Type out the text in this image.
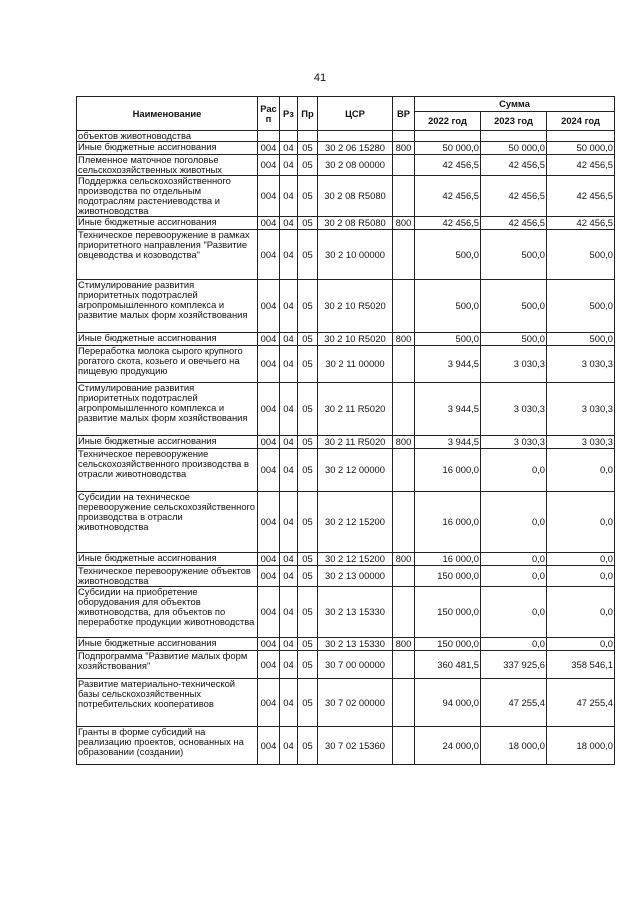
41
Наименование	Рас п	Рз	Пр	ЦСР	ВР	Сумма		
						2022 год	2023 год	2024 год
объектов животноводства								
Иные бюджетные ассигнования	004	04	05	30 2 06 15280	800	50 000,0	50 000,0	50 000,0
Племенное маточное поголовье сельскохозяйственных животных	004	04	05	30 2 08 00000		42 456,5	42 456,5	42 456,5
Поддержка сельскохозяйственного производства по отдельным подотраслям растениеводства и животноводства	004	04	05	30 2 08 R5080		42 456,5	42 456,5	42 456,5
Иные бюджетные ассигнования	004	04	05	30 2 08 R5080	800	42 456,5	42 456,5	42 456,5
Техническое перевооружение в рамках приоритетного направления "Развитие овцеводства и козоводства"	004	04	05	30 2 10 00000		500,0	500,0	500,0
Стимулирование развития приоритетных подотраслей агропромышленного комплекса и развитие малых форм хозяйствования	004	04	05	30 2 10 R5020		500,0	500,0	500,0
Иные бюджетные ассигнования	004	04	05	30 2 10 R5020	800	500,0	500,0	500,0
Переработка молока сырого крупного рогатого скота, козьего и овечьего на пищевую продукцию	004	04	05	30 2 11 00000		3 944,5	3 030,3	3 030,3
Стимулирование развития приоритетных подотраслей агропромышленного комплекса и развитие малых форм хозяйствования	004	04	05	30 2 11 R5020		3 944,5	3 030,3	3 030,3
Иные бюджетные ассигнования	004	04	05	30 2 11 R5020	800	3 944,5	3 030,3	3 030,3
Техническое перевооружение сельскохозяйственного производства в отрасли животноводства	004	04	05	30 2 12 00000		16 000,0	0,0	0,0
Субсидии на техническое перевооружение сельскохозяйственного производства в отрасли животноводства	004	04	05	30 2 12 15200		16 000,0	0,0	0,0
Иные бюджетные ассигнования	004	04	05	30 2 12 15200	800	16 000,0	0,0	0,0
Техническое перевооружение объектов животноводства	004	04	05	30 2 13 00000		150 000,0	0,0	0,0
Субсидии на приобретение оборудования для объектов животноводства, для объектов по переработке продукции животноводства	004	04	05	30 2 13 15330		150 000,0	0,0	0,0
Иные бюджетные ассигнования	004	04	05	30 2 13 15330	800	150 000,0	0,0	0,0
Подпрограмма "Развитие малых форм хозяйствования"	004	04	05	30 7 00 00000		360 481,5	337 925,6	358 546,1
Развитие материально-технической базы сельскохозяйственных потребительских кооперативов	004	04	05	30 7 02 00000		94 000,0	47 255,4	47 255,4
Гранты в форме субсидий на реализацию проектов, основанных на образовании (создании)	004	04	05	30 7 02 15360		24 000,0	18 000,0	18 000,0
